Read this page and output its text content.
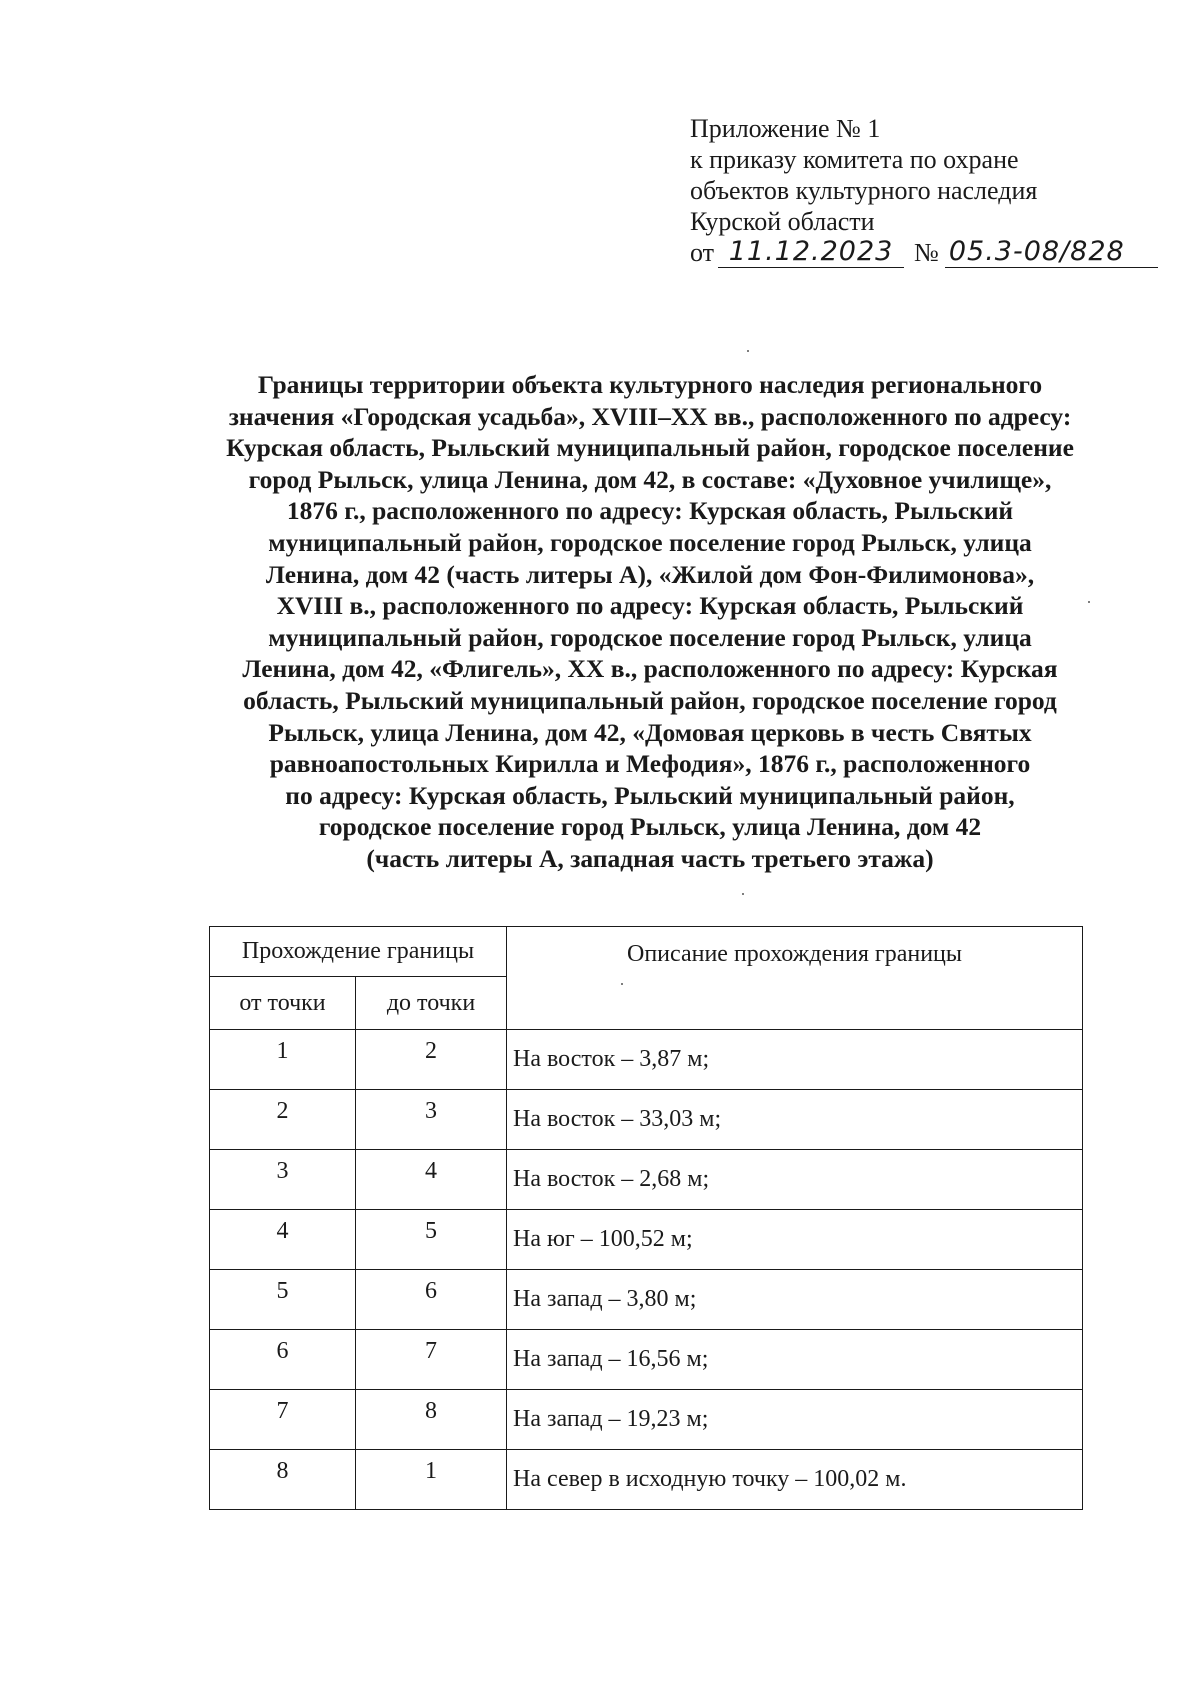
Приложение № 1
к приказу комитета по охране
объектов культурного наследия
Курской области
от 11.12.2023 № 05.3-08/828
Границы территории объекта культурного наследия регионального
значения «Городская усадьба», XVIII–XX вв., расположенного по адресу:
Курская область, Рыльский муниципальный район, городское поселение
город Рыльск, улица Ленина, дом 42, в составе: «Духовное училище»,
1876 г., расположенного по адресу: Курская область, Рыльский
муниципальный район, городское поселение город Рыльск, улица
Ленина, дом 42 (часть литеры А), «Жилой дом Фон-Филимонова»,
XVIII в., расположенного по адресу: Курская область, Рыльский
муниципальный район, городское поселение город Рыльск, улица
Ленина, дом 42, «Флигель», XX в., расположенного по адресу: Курская
область, Рыльский муниципальный район, городское поселение город
Рыльск, улица Ленина, дом 42, «Домовая церковь в честь Святых
равноапостольных Кирилла и Мефодия», 1876 г., расположенного
по адресу: Курская область, Рыльский муниципальный район,
городское поселение город Рыльск, улица Ленина, дом 42
(часть литеры А, западная часть третьего этажа)
Прохождение границы		Описание прохождения границы
от точки	до точки	
1	2	На восток – 3,87 м;
2	3	На восток – 33,03 м;
3	4	На восток – 2,68 м;
4	5	На юг – 100,52 м;
5	6	На запад – 3,80 м;
6	7	На запад – 16,56 м;
7	8	На запад – 19,23 м;
8	1	На север в исходную точку – 100,02 м.
